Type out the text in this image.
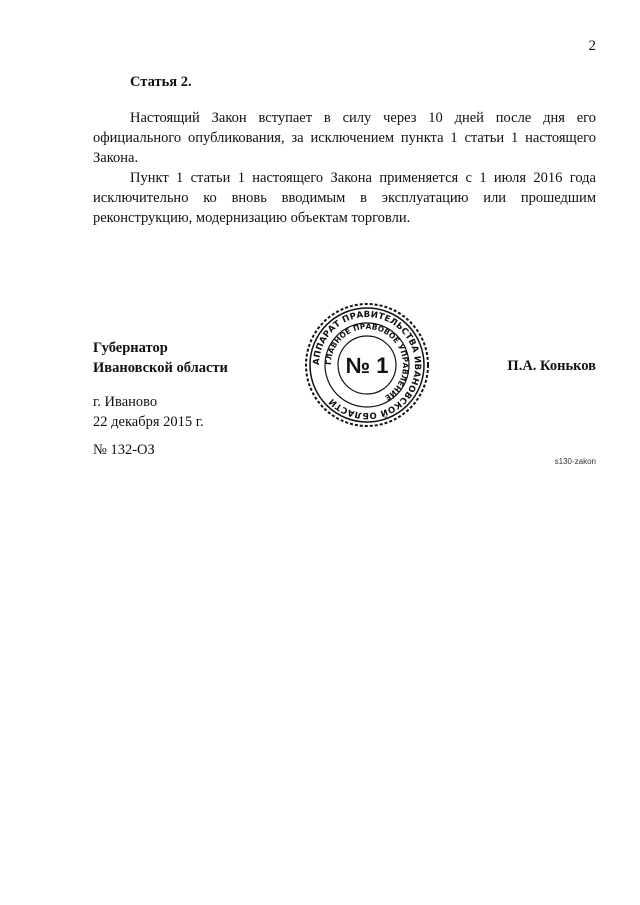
2
Статья 2.

Настоящий Закон вступает в силу через 10 дней после дня его официального опубликования, за исключением пункта 1 статьи 1 настоящего Закона.

Пункт 1 статьи 1 настоящего Закона применяется с 1 июля 2016 года исключительно ко вновь вводимым в эксплуатацию или прошедшим реконструкцию, модернизацию объектам торговли.

Губернатор
Ивановской области	П.А. Коньков
АППАРАТ ПРАВИТЕЛЬСТВА ИВАНОВСКОЙ ОБЛАСТИ
ГЛАВНОЕ ПРАВОВОЕ УПРАВЛЕНИЕ
№ 1
г. Иваново
22 декабря 2015 г.
№ 132-ОЗ
s130-zakon
